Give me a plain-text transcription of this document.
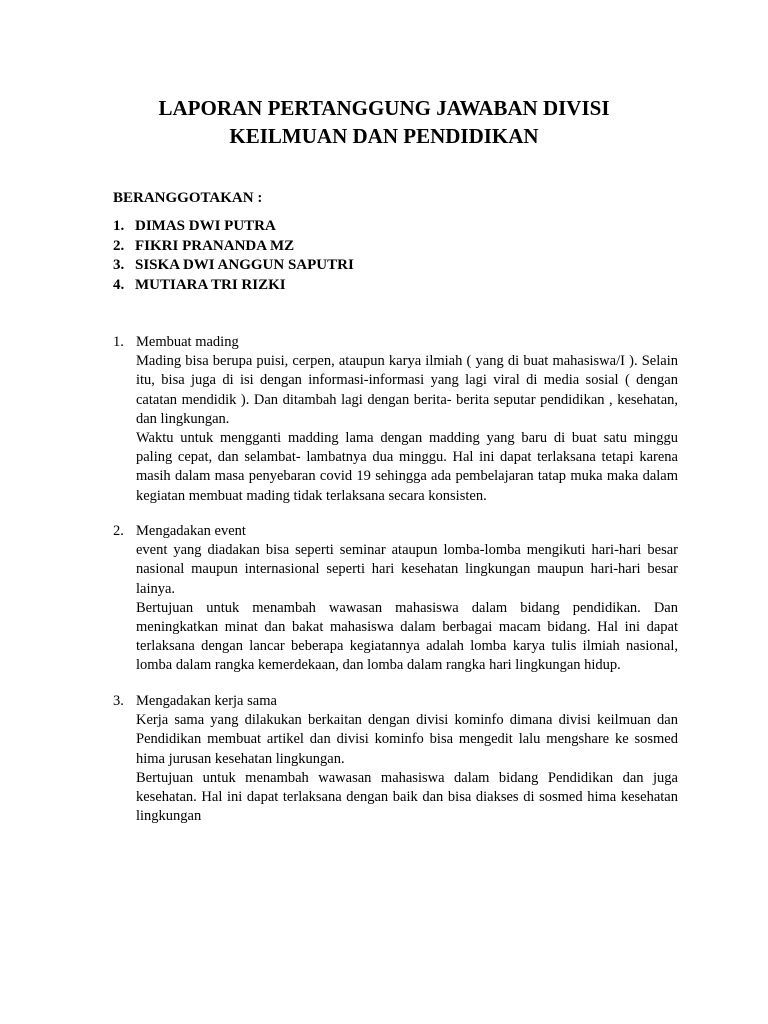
LAPORAN PERTANGGUNG JAWABAN DIVISI
KEILMUAN DAN PENDIDIKAN
BERANGGOTAKAN :
1. DIMAS DWI PUTRA
2. FIKRI PRANANDA MZ
3. SISKA DWI ANGGUN SAPUTRI
4. MUTIARA TRI RIZKI
1. Membuat mading

Mading bisa berupa puisi, cerpen, ataupun karya ilmiah ( yang di buat mahasiswa/I ). Selain itu, bisa juga di isi dengan informasi-informasi yang lagi viral di media sosial ( dengan catatan mendidik ). Dan ditambah lagi dengan berita- berita seputar pendidikan , kesehatan, dan lingkungan.

Waktu untuk mengganti madding lama dengan madding yang baru di buat satu minggu paling cepat, dan selambat- lambatnya dua minggu. Hal ini dapat terlaksana tetapi karena masih dalam masa penyebaran covid 19 sehingga ada pembelajaran tatap muka maka dalam kegiatan membuat mading tidak terlaksana secara konsisten.

2. Mengadakan event

event yang diadakan bisa seperti seminar ataupun lomba-lomba mengikuti hari-hari besar nasional maupun internasional seperti hari kesehatan lingkungan maupun hari-hari besar lainya.

Bertujuan untuk menambah wawasan mahasiswa dalam bidang pendidikan. Dan meningkatkan minat dan bakat mahasiswa dalam berbagai macam bidang. Hal ini dapat terlaksana dengan lancar beberapa kegiatannya adalah lomba karya tulis ilmiah nasional, lomba dalam rangka kemerdekaan, dan lomba dalam rangka hari lingkungan hidup.

3. Mengadakan kerja sama

Kerja sama yang dilakukan berkaitan dengan divisi kominfo dimana divisi keilmuan dan Pendidikan membuat artikel dan divisi kominfo bisa mengedit lalu mengshare ke sosmed hima jurusan kesehatan lingkungan.

Bertujuan untuk menambah wawasan mahasiswa dalam bidang Pendidikan dan juga kesehatan. Hal ini dapat terlaksana dengan baik dan bisa diakses di sosmed hima kesehatan lingkungan
